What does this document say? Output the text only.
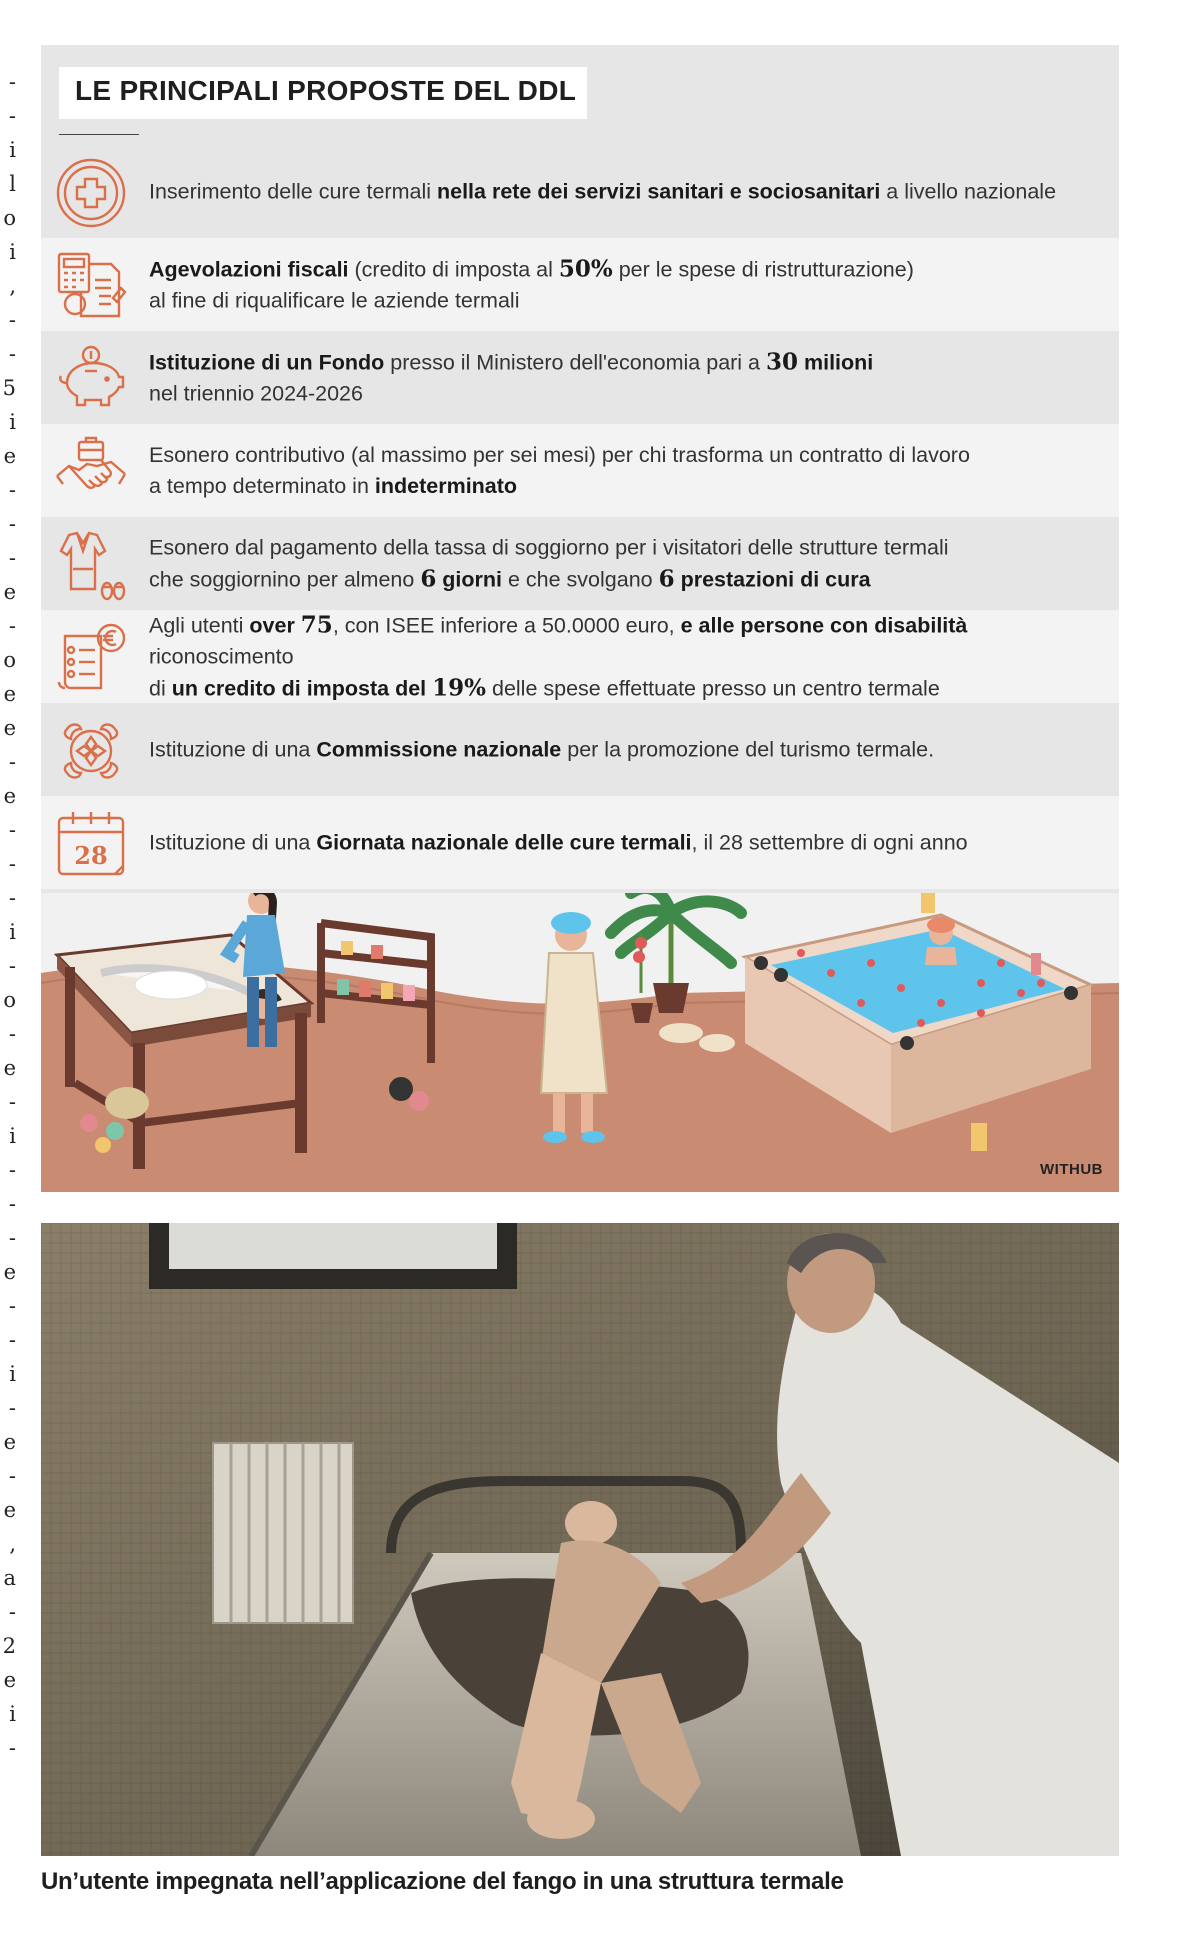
-
-
i
l
o
i
,
-
-
5
i
e
-
-
-
e
-
o
e
e
-
e
-
-
-
i
-
o
-
e
-
i
-
-
-
e
-
-
i
-
e
-
e
,
a
-
2
e
i
-
LE PRINCIPALI PROPOSTE DEL DDL
Inserimento delle cure termali nella rete dei servizi sanitari e sociosanitari a livello nazionale
Agevolazioni fiscali (credito di imposta al 50% per le spese di ristrutturazione)
al fine di riqualificare le aziende termali
Istituzione di un Fondo presso il Ministero dell'economia pari a 30 milioni
nel triennio 2024-2026
Esonero contributivo (al massimo per sei mesi) per chi trasforma un contratto di lavoro
a tempo determinato in indeterminato
Esonero dal pagamento della tassa di soggiorno per i visitatori delle strutture termali
che soggiornino per almeno 6 giorni e che svolgano 6 prestazioni di cura
Agli utenti over 75, con ISEE inferiore a 50.0000 euro, e alle persone con disabilità riconoscimento
di un credito di imposta del 19% delle spese effettuate presso un centro termale
Istituzione di una Commissione nazionale per la promozione del turismo termale.
28 Istituzione di una Giornata nazionale delle cure termali, il 28 settembre di ogni anno
WITHUB
Un’utente impegnata nell’applicazione del fango in una struttura termale
